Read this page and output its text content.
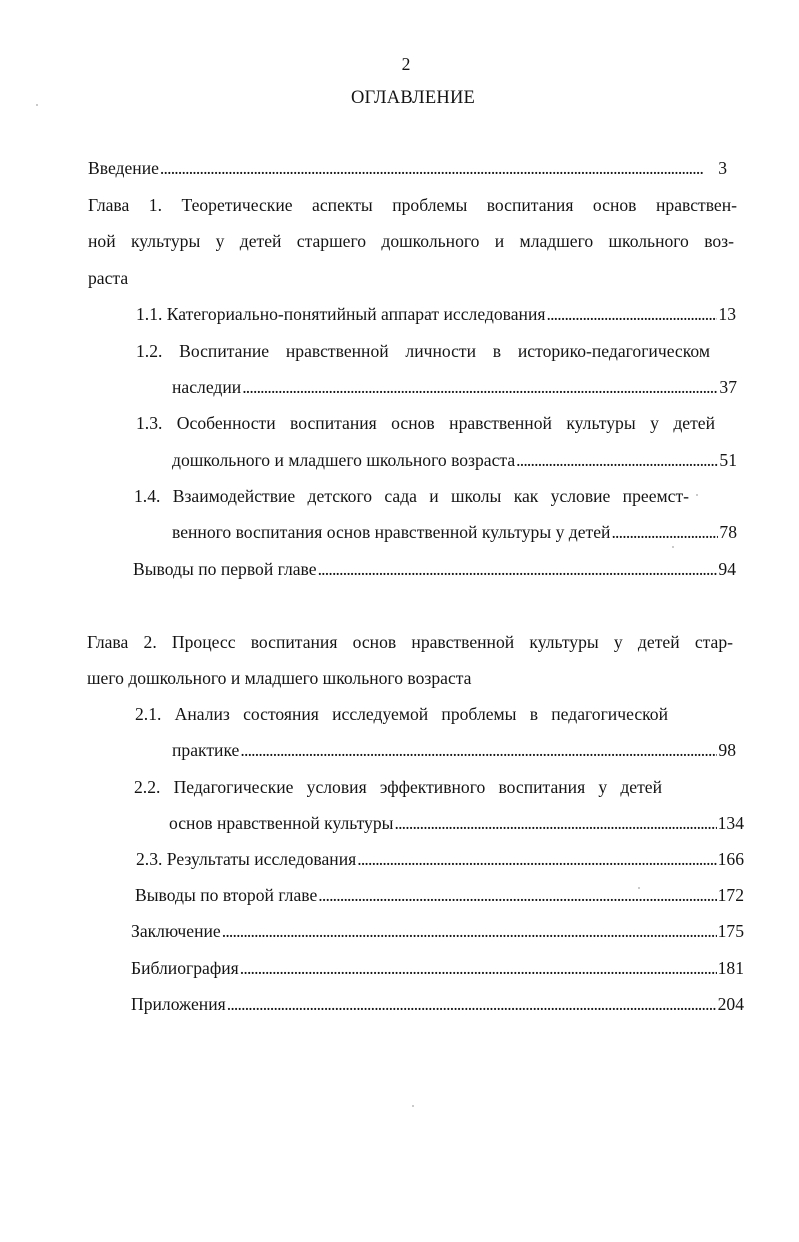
2
ОГЛАВЛЕНИЕ
Введение . . .	3
Глава 1. Теоретические аспекты проблемы воспитания основ нравствен-
ной культуры у детей старшего дошкольного и младшего школьного воз-
раста
1.1. Категориально-понятийный аппарат исследования . . .	13
1.2. Воспитание нравственной личности в историко-педагогическом
наследии . . .	37
1.3. Особенности воспитания основ нравственной культуры у детей
дошкольного и младшего школьного возраста . . .	51
1.4. Взаимодействие детского сада и школы как условие преемст-
венного воспитания основ нравственной культуры у детей . . .	78
Выводы по первой главе . . .	94
Глава 2. Процесс воспитания основ нравственной культуры у детей стар-
шего дошкольного и младшего школьного возраста
2.1. Анализ состояния исследуемой проблемы в педагогической
практике . . .	98
2.2. Педагогические условия эффективного воспитания у детей
основ нравственной культуры . . .	134
2.3. Результаты исследования . . .	166
Выводы по второй главе . . .	172
Заключение . . .	175
Библиография . . .	181
Приложения . . .	204
